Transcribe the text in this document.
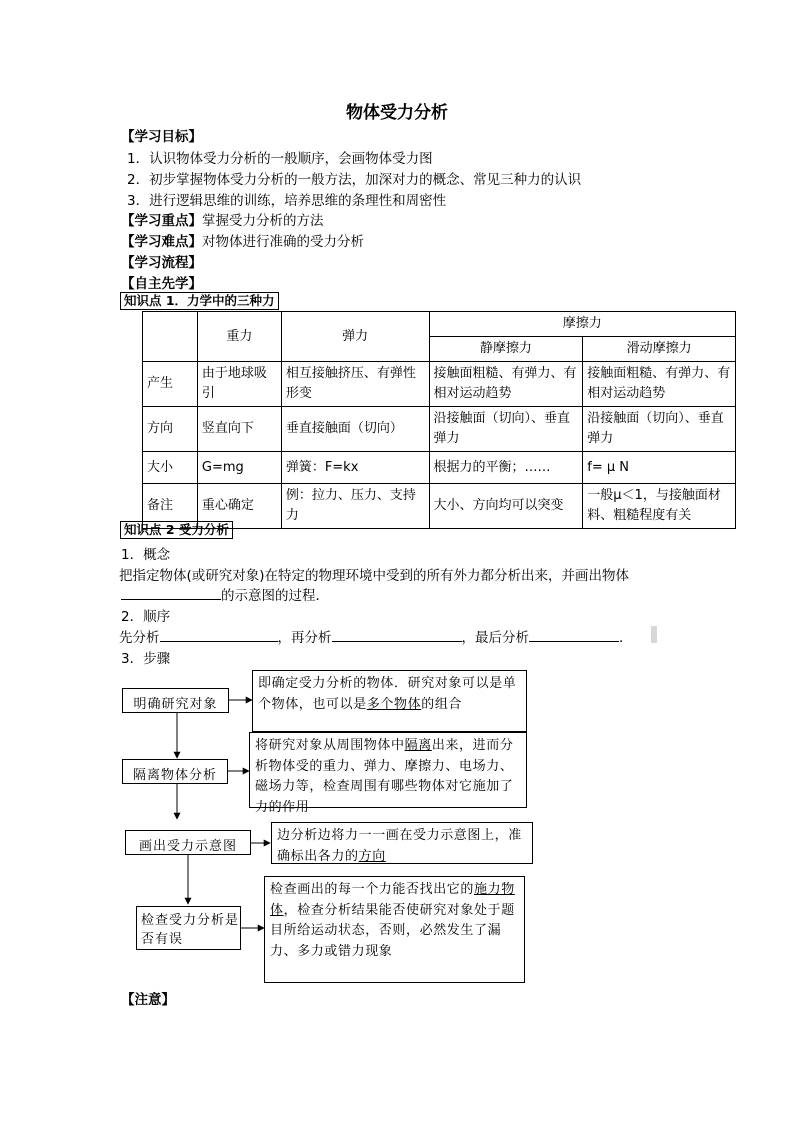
物体受力分析
【学习目标】
1．认识物体受力分析的一般顺序，会画物体受力图
2．初步掌握物体受力分析的一般方法，加深对力的概念、常见三种力的认识
3．进行逻辑思维的训练，培养思维的条理性和周密性
【学习重点】掌握受力分析的方法
【学习难点】对物体进行准确的受力分析
【学习流程】
【自主先学】
知识点 1．力学中的三种力
	重力	弹力	摩擦力	
			静摩擦力	滑动摩擦力
产生	由于地球吸引	相互接触挤压、有弹性形变	接触面粗糙、有弹力、有相对运动趋势	接触面粗糙、有弹力、有相对运动趋势
方向	竖直向下	垂直接触面（切向）	沿接触面（切向）、垂直弹力	沿接触面（切向）、垂直弹力
大小	G=mg	弹簧：F=kx	根据力的平衡；……	f= μ N
备注	重心确定	例：拉力、压力、支持力	大小、方向均可以突变	一般μ＜1，与接触面材料、粗糙程度有关
知识点 2 受力分析
1．概念
把指定物体(或研究对象)在特定的物理环境中受到的所有外力都分析出来，并画出物体
的示意图的过程．
2．顺序
先分析	，再分析	，最后分析	．
3．步骤
明确研究对象
即确定受力分析的物体．研究对象可以是单个物体，也可以是多个物体的组合
隔离物体分析
将研究对象从周围物体中隔离出来，进而分析物体受的重力、弹力、摩擦力、电场力、磁场力等，检查周围有哪些物体对它施加了力的作用
画出受力示意图
边分析边将力一一画在受力示意图上，准确标出各力的方向
检查受力分析是否有误
检查画出的每一个力能否找出它的施力物体，检查分析结果能否使研究对象处于题目所给运动状态，否则，必然发生了漏力、多力或错力现象
【注意】
